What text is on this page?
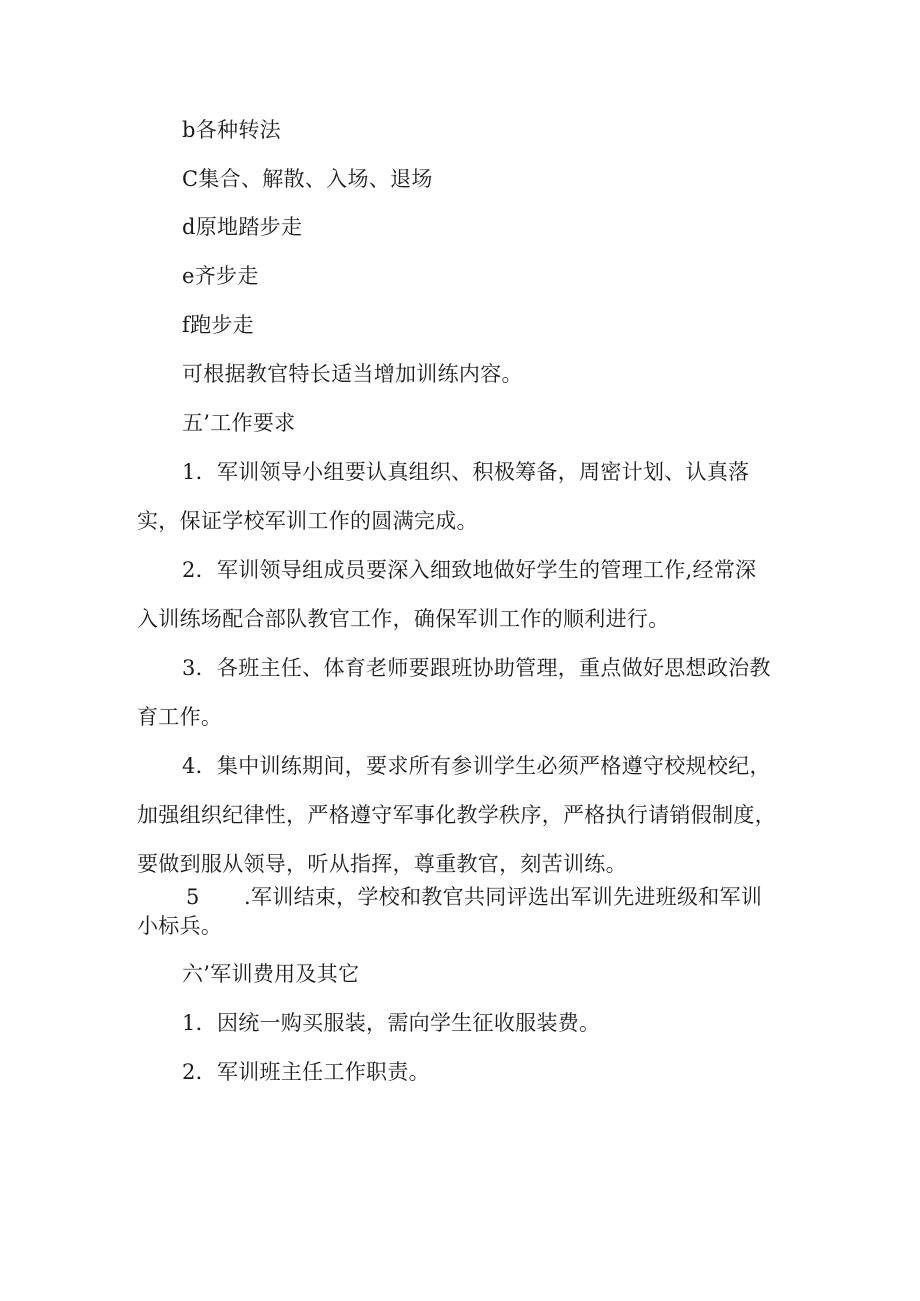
b各种转法
C集合、解散、入场、退场
d原地踏步走
e齐步走
f跑步走
可根据教官特长适当增加训练内容。
五’工作要求
1．军训领导小组要认真组织、积极筹备，周密计划、认真落
实，保证学校军训工作的圆满完成。
2．军训领导组成员要深入细致地做好学生的管理工作,经常深
入训练场配合部队教官工作，确保军训工作的顺利进行。
3．各班主任、体育老师要跟班协助管理，重点做好思想政治教
育工作。
4．集中训练期间，要求所有参训学生必须严格遵守校规校纪，
加强组织纪律性，严格遵守军事化教学秩序，严格执行请销假制度，
要做到服从领导，听从指挥，尊重教官，刻苦训练。
5 .军训结束，学校和教官共同评选出军训先进班级和军训
小标兵。
六’军训费用及其它
1．因统一购买服装，需向学生征收服装费。
2．军训班主任工作职责。
